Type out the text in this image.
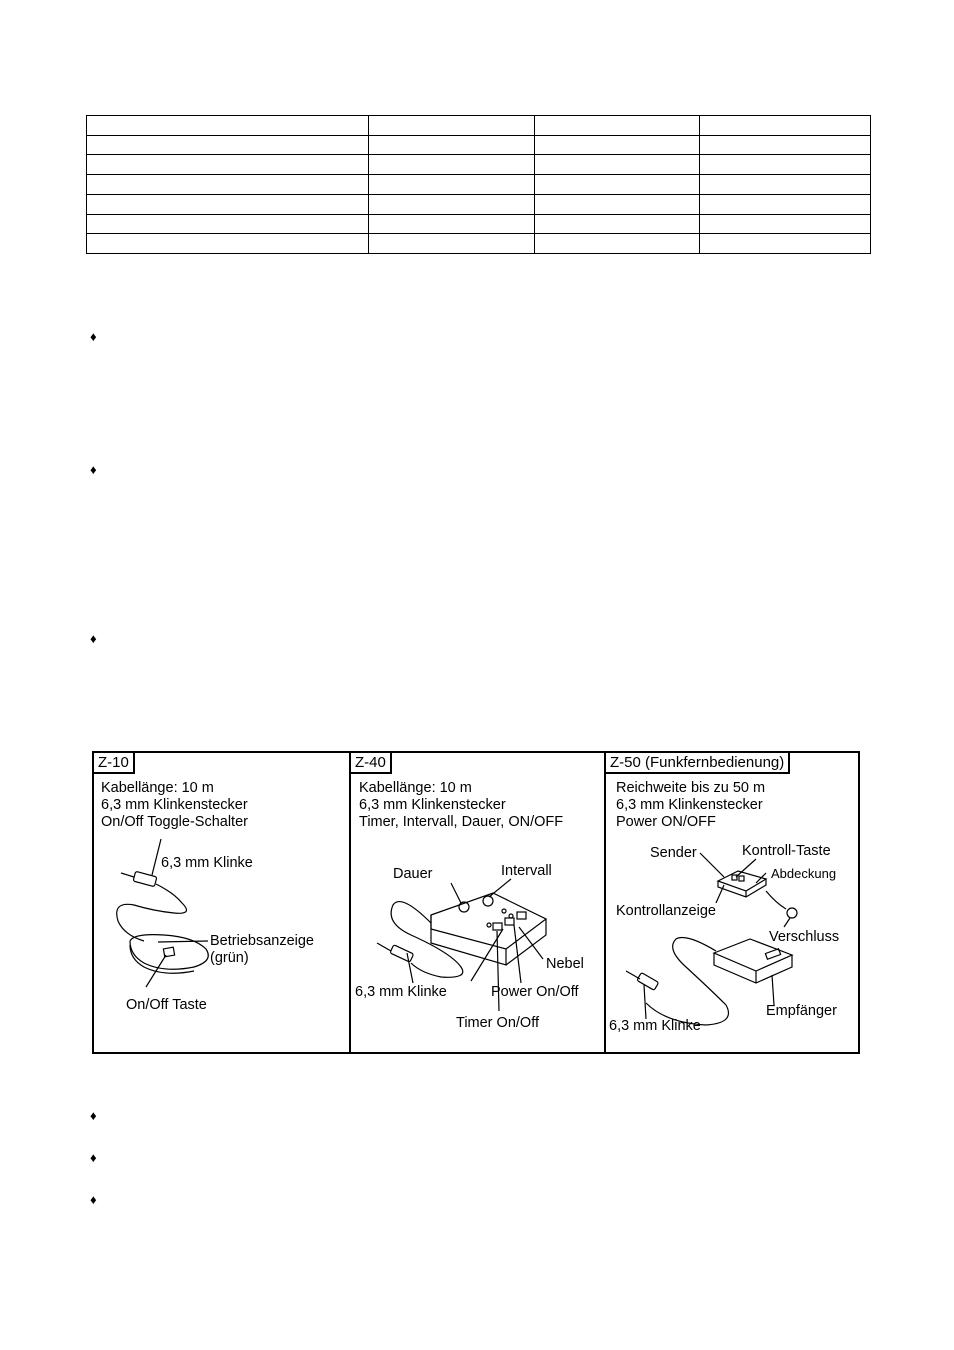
♦
♦
♦
♦
♦
♦
Z-10
Kabellänge: 10 m
6,3 mm Klinkenstecker
On/Off Toggle-Schalter
6,3 mm Klinke
Betriebsanzeige
(grün)
On/Off Taste
Z-40
Kabellänge: 10 m
6,3 mm Klinkenstecker
Timer, Intervall, Dauer, ON/OFF
Dauer	Intervall
Nebel
6,3 mm Klinke	Power On/Off
Timer On/Off
Z-50 (Funkfernbedienung)
Reichweite bis zu 50 m
6,3 mm Klinkenstecker
Power ON/OFF
Sender	Kontroll-Taste
Abdeckung
Kontrollanzeige
Verschluss
Empfänger
6,3 mm Klinke
